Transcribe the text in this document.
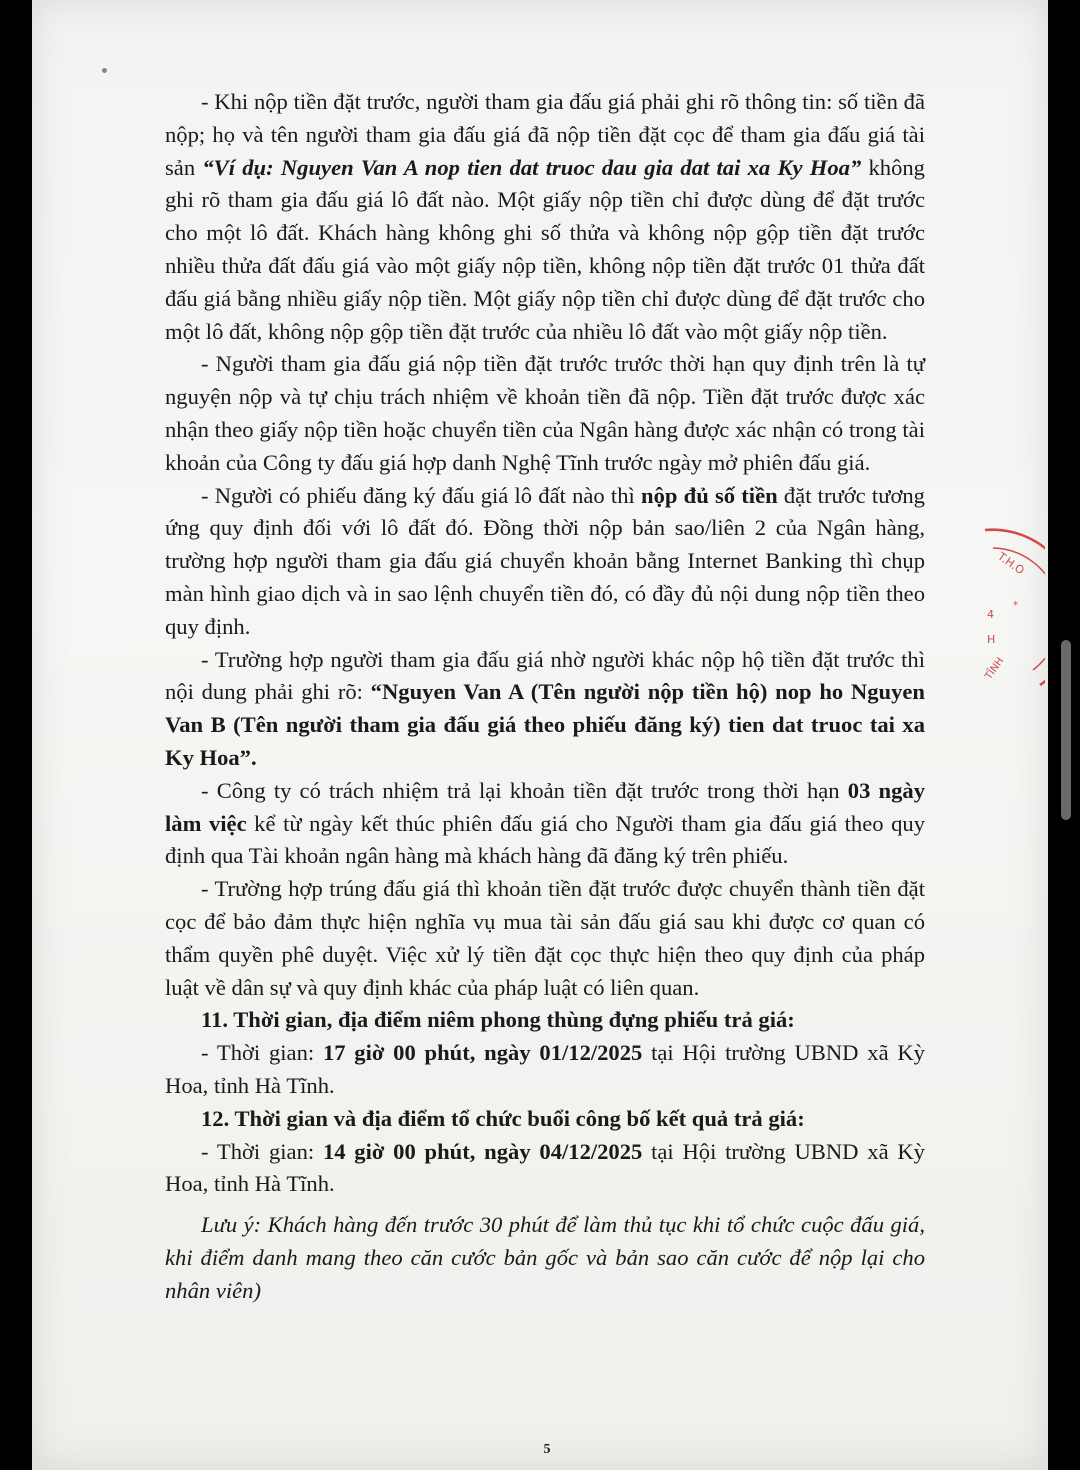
- Khi nộp tiền đặt trước, người tham gia đấu giá phải ghi rõ thông tin: số tiền đã nộp; họ và tên người tham gia đấu giá đã nộp tiền đặt cọc để tham gia đấu giá tài sản “Ví dụ: Nguyen Van A nop tien dat truoc dau gia dat tai xa Ky Hoa” không ghi rõ tham gia đấu giá lô đất nào. Một giấy nộp tiền chỉ được dùng để đặt trước cho một lô đất. Khách hàng không ghi số thửa và không nộp gộp tiền đặt trước nhiều thửa đất đấu giá vào một giấy nộp tiền, không nộp tiền đặt trước 01 thửa đất đấu giá bằng nhiều giấy nộp tiền. Một giấy nộp tiền chỉ được dùng để đặt trước cho một lô đất, không nộp gộp tiền đặt trước của nhiều lô đất vào một giấy nộp tiền.

- Người tham gia đấu giá nộp tiền đặt trước trước thời hạn quy định trên là tự nguyện nộp và tự chịu trách nhiệm về khoản tiền đã nộp. Tiền đặt trước được xác nhận theo giấy nộp tiền hoặc chuyển tiền của Ngân hàng được xác nhận có trong tài khoản của Công ty đấu giá hợp danh Nghệ Tĩnh trước ngày mở phiên đấu giá.

- Người có phiếu đăng ký đấu giá lô đất nào thì nộp đủ số tiền đặt trước tương ứng quy định đối với lô đất đó. Đồng thời nộp bản sao/liên 2 của Ngân hàng, trường hợp người tham gia đấu giá chuyển khoản bằng Internet Banking thì chụp màn hình giao dịch và in sao lệnh chuyển tiền đó, có đầy đủ nội dung nộp tiền theo quy định.

- Trường hợp người tham gia đấu giá nhờ người khác nộp hộ tiền đặt trước thì nội dung phải ghi rõ: “Nguyen Van A (Tên người nộp tiền hộ) nop ho Nguyen Van B (Tên người tham gia đấu giá theo phiếu đăng ký) tien dat truoc tai xa Ky Hoa”.

- Công ty có trách nhiệm trả lại khoản tiền đặt trước trong thời hạn 03 ngày làm việc kể từ ngày kết thúc phiên đấu giá cho Người tham gia đấu giá theo quy định qua Tài khoản ngân hàng mà khách hàng đã đăng ký trên phiếu.

- Trường hợp trúng đấu giá thì khoản tiền đặt trước được chuyển thành tiền đặt cọc để bảo đảm thực hiện nghĩa vụ mua tài sản đấu giá sau khi được cơ quan có thẩm quyền phê duyệt. Việc xử lý tiền đặt cọc thực hiện theo quy định của pháp luật về dân sự và quy định khác của pháp luật có liên quan.

11. Thời gian, địa điểm niêm phong thùng đựng phiếu trả giá:

- Thời gian: 17 giờ 00 phút, ngày 01/12/2025 tại Hội trường UBND xã Kỳ Hoa, tỉnh Hà Tĩnh.

12. Thời gian và địa điểm tổ chức buổi công bố kết quả trả giá:

- Thời gian: 14 giờ 00 phút, ngày 04/12/2025 tại Hội trường UBND xã Kỳ Hoa, tỉnh Hà Tĩnh.

Lưu ý: Khách hàng đến trước 30 phút để làm thủ tục khi tổ chức cuộc đấu giá, khi điểm danh mang theo căn cước bản gốc và bản sao căn cước để nộp lại cho nhân viên)

5
T.H.O
*
4
H
TĨNH
